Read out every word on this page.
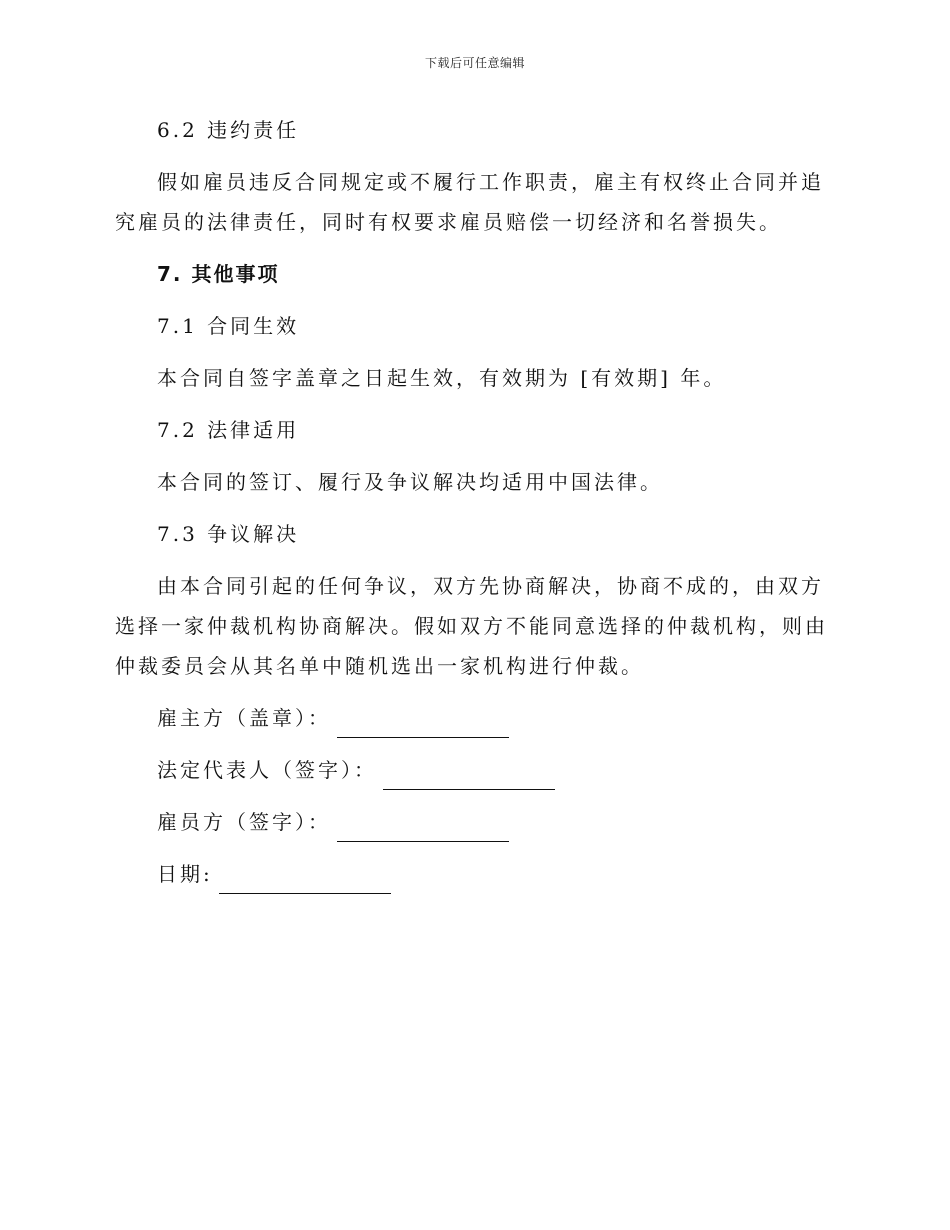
下载后可任意编辑

6.2 违约责任

假如雇员违反合同规定或不履行工作职责，雇主有权终止合同并追究雇员的法律责任，同时有权要求雇员赔偿一切经济和名誉损失。

7. 其他事项

7.1 合同生效

本合同自签字盖章之日起生效，有效期为 [有效期] 年。

7.2 法律适用

本合同的签订、履行及争议解决均适用中国法律。

7.3 争议解决

由本合同引起的任何争议，双方先协商解决，协商不成的，由双方选择一家仲裁机构协商解决。假如双方不能同意选择的仲裁机构，则由仲裁委员会从其名单中随机选出一家机构进行仲裁。

雇主方（盖章）：
法定代表人（签字）：
雇员方（签字）：
日期:
